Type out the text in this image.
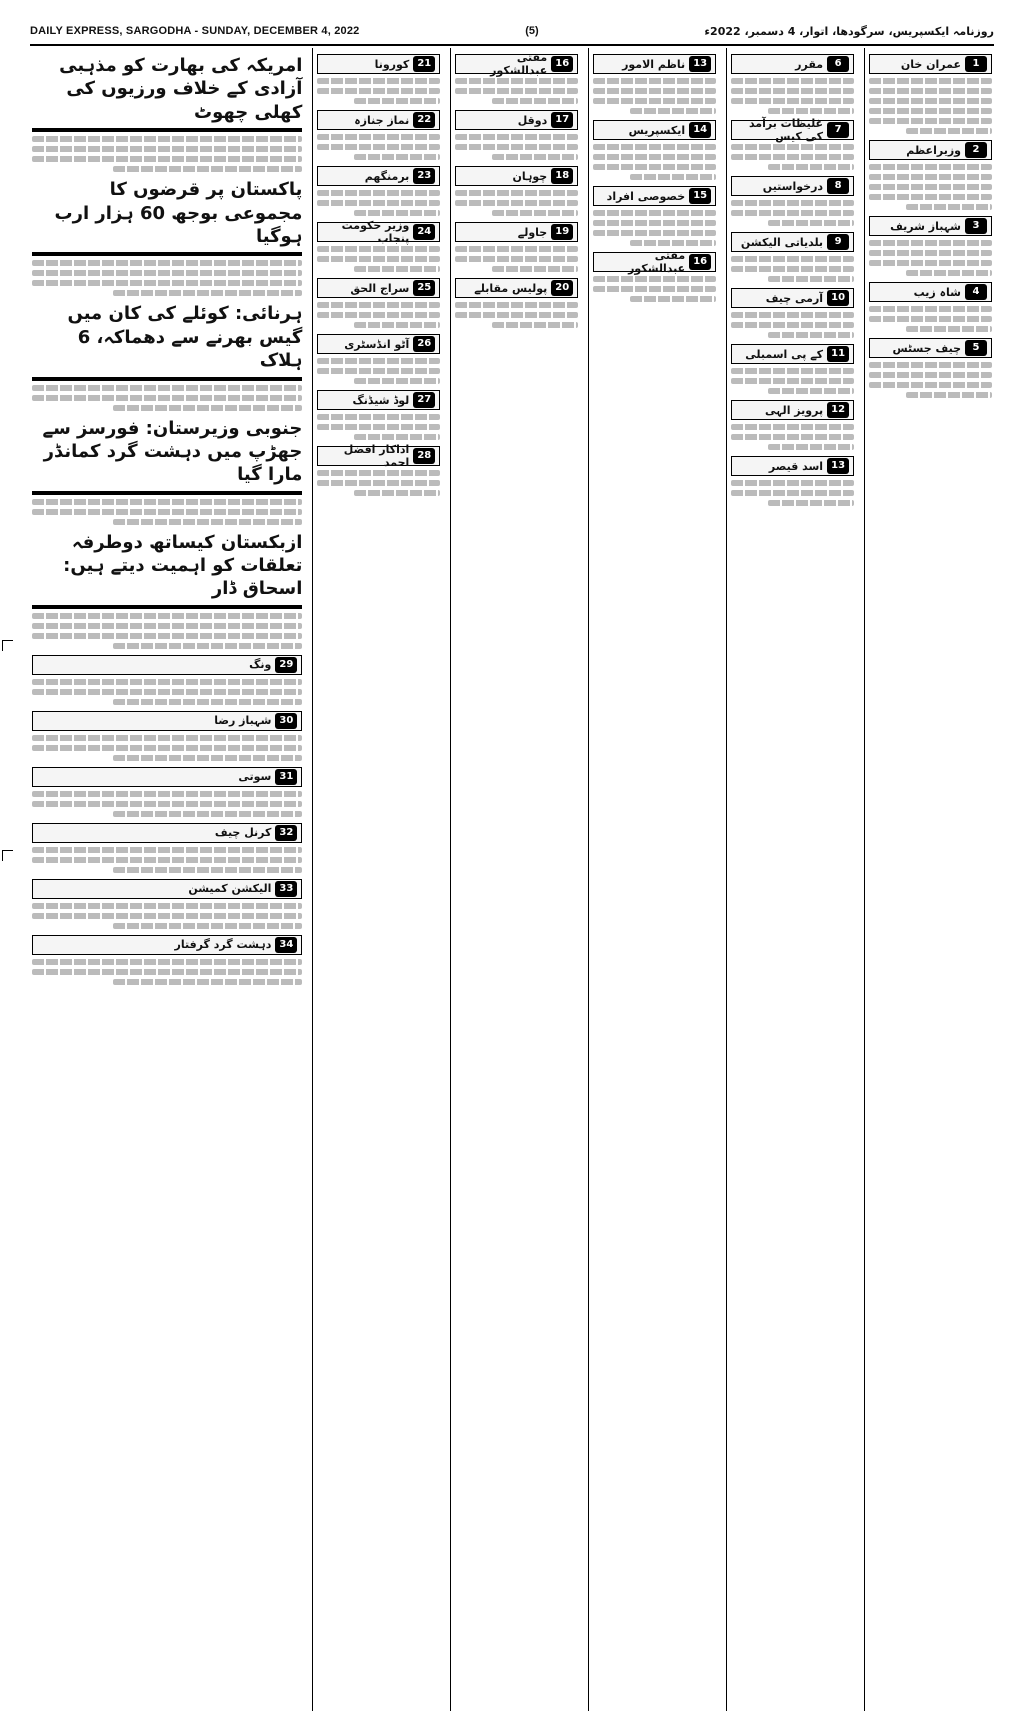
DAILY EXPRESS, SARGODHA - SUNDAY, DECEMBER 4, 2022	(5)	روزنامہ ایکسپریس، سرگودھا، اتوار، 4 دسمبر، 2022ء
1
عمران خان
2
وزیراعظم
3
شہباز شریف
4
شاہ زیب
5
چیف جسٹس
6
مقرر
7
غلیظات برآمد کی کیس
8
درخواستیں
9
بلدیاتی الیکشن
10
آرمی چیف
11
کے پی اسمبلی
12
پرویز الہی
13
اسد قیصر
13
ناظم الامور
14
ایکسپریس
15
خصوصی افراد
16
مفتی عبدالشکور
16
مفتی عبدالشکور
17
دوقل
18
چوہان
19
جاولے
20
پولیس مقابلے
21
کورونا
22
نماز جنازہ
23
برمنگھم
24
وزیر حکومت پنجاب
25
سراج الحق
26
آٹو انڈسٹری
27
لوڈ شیڈنگ
28
اداکار افضل احمد
امریکہ کی بھارت کو مذہبی آزادی کے خلاف ورزیوں کی کھلی چھوٹ
پاکستان پر قرضوں کا مجموعی بوجھ 60 ہزار ارب ہوگیا
ہرنائی: کوئلے کی کان میں گیس بھرنے سے دھماکہ، 6 ہلاک
جنوبی وزیرستان: فورسز سے جھڑپ میں دہشت گرد کمانڈر مارا گیا
ازبکستان کیساتھ دوطرفہ تعلقات کو اہمیت دیتے ہیں: اسحاق ڈار
29
ونگ
30
شہباز رضا
31
سوتی
32
کرنل چیف
33
الیکشن کمیشن
34
دہشت گرد گرفتار
